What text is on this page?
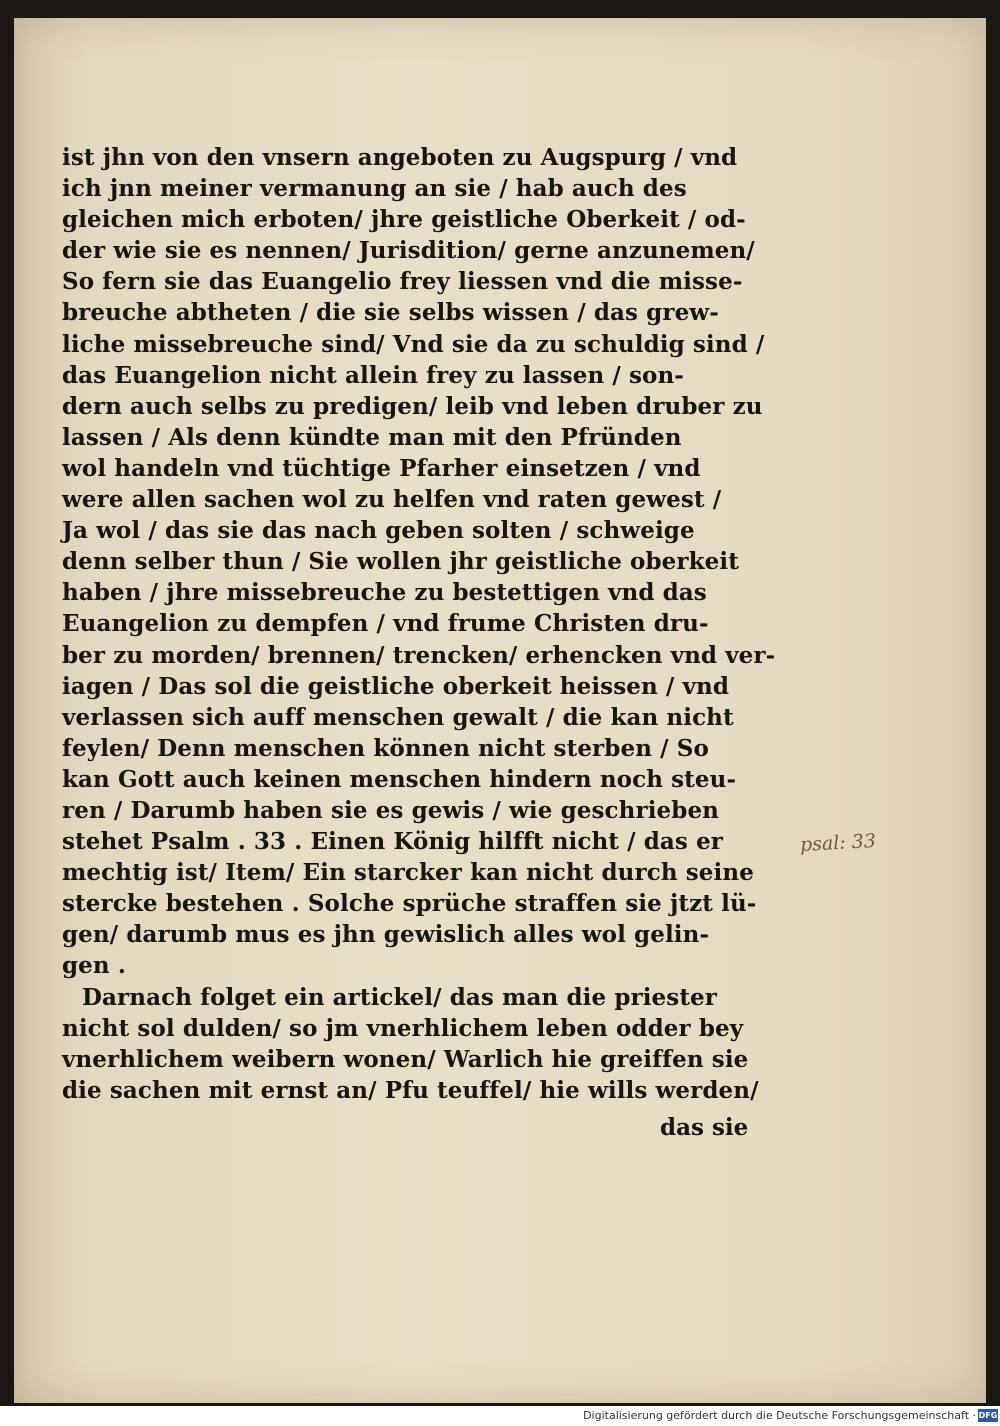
ist jhn von den vnsern angeboten zu Augspurg / vnd
ich jnn meiner vermanung an sie / hab auch des
gleichen mich erboten/ jhre geistliche Oberkeit / od-
der wie sie es nennen/ Jurisdition/ gerne anzunemen/
So fern sie das Euangelio frey liessen vnd die misse-
breuche abtheten / die sie selbs wissen / das grew-
liche missebreuche sind/ Vnd sie da zu schuldig sind /
das Euangelion nicht allein frey zu lassen / son-
dern auch selbs zu predigen/ leib vnd leben druber zu
lassen / Als denn kündte man mit den Pfründen
wol handeln vnd tüchtige Pfarher einsetzen / vnd
were allen sachen wol zu helfen vnd raten gewest /
Ja wol / das sie das nach geben solten / schweige
denn selber thun / Sie wollen jhr geistliche oberkeit
haben / jhre missebreuche zu bestettigen vnd das
Euangelion zu dempfen / vnd frume Christen dru-
ber zu morden/ brennen/ trencken/ erhencken vnd ver-
iagen / Das sol die geistliche oberkeit heissen / vnd
verlassen sich auff menschen gewalt / die kan nicht
feylen/ Denn menschen können nicht sterben / So
kan Gott auch keinen menschen hindern noch steu-
ren / Darumb haben sie es gewis / wie geschrieben
stehet Psalm . 33 . Einen König hilfft nicht / das er
mechtig ist/ Item/ Ein starcker kan nicht durch seine
stercke bestehen . Solche sprüche straffen sie jtzt lü-
gen/ darumb mus es jhn gewislich alles wol gelin-
gen .
Darnach folget ein artickel/ das man die priester
nicht sol dulden/ so jm vnerhlichem leben odder bey
vnerhlichem weibern wonen/ Warlich hie greiffen sie
die sachen mit ernst an/ Pfu teuffel/ hie wills werden/
das sie
psal: 33
Digitalisierung gefördert durch die Deutsche Forschungsgemeinschaft · DFG
